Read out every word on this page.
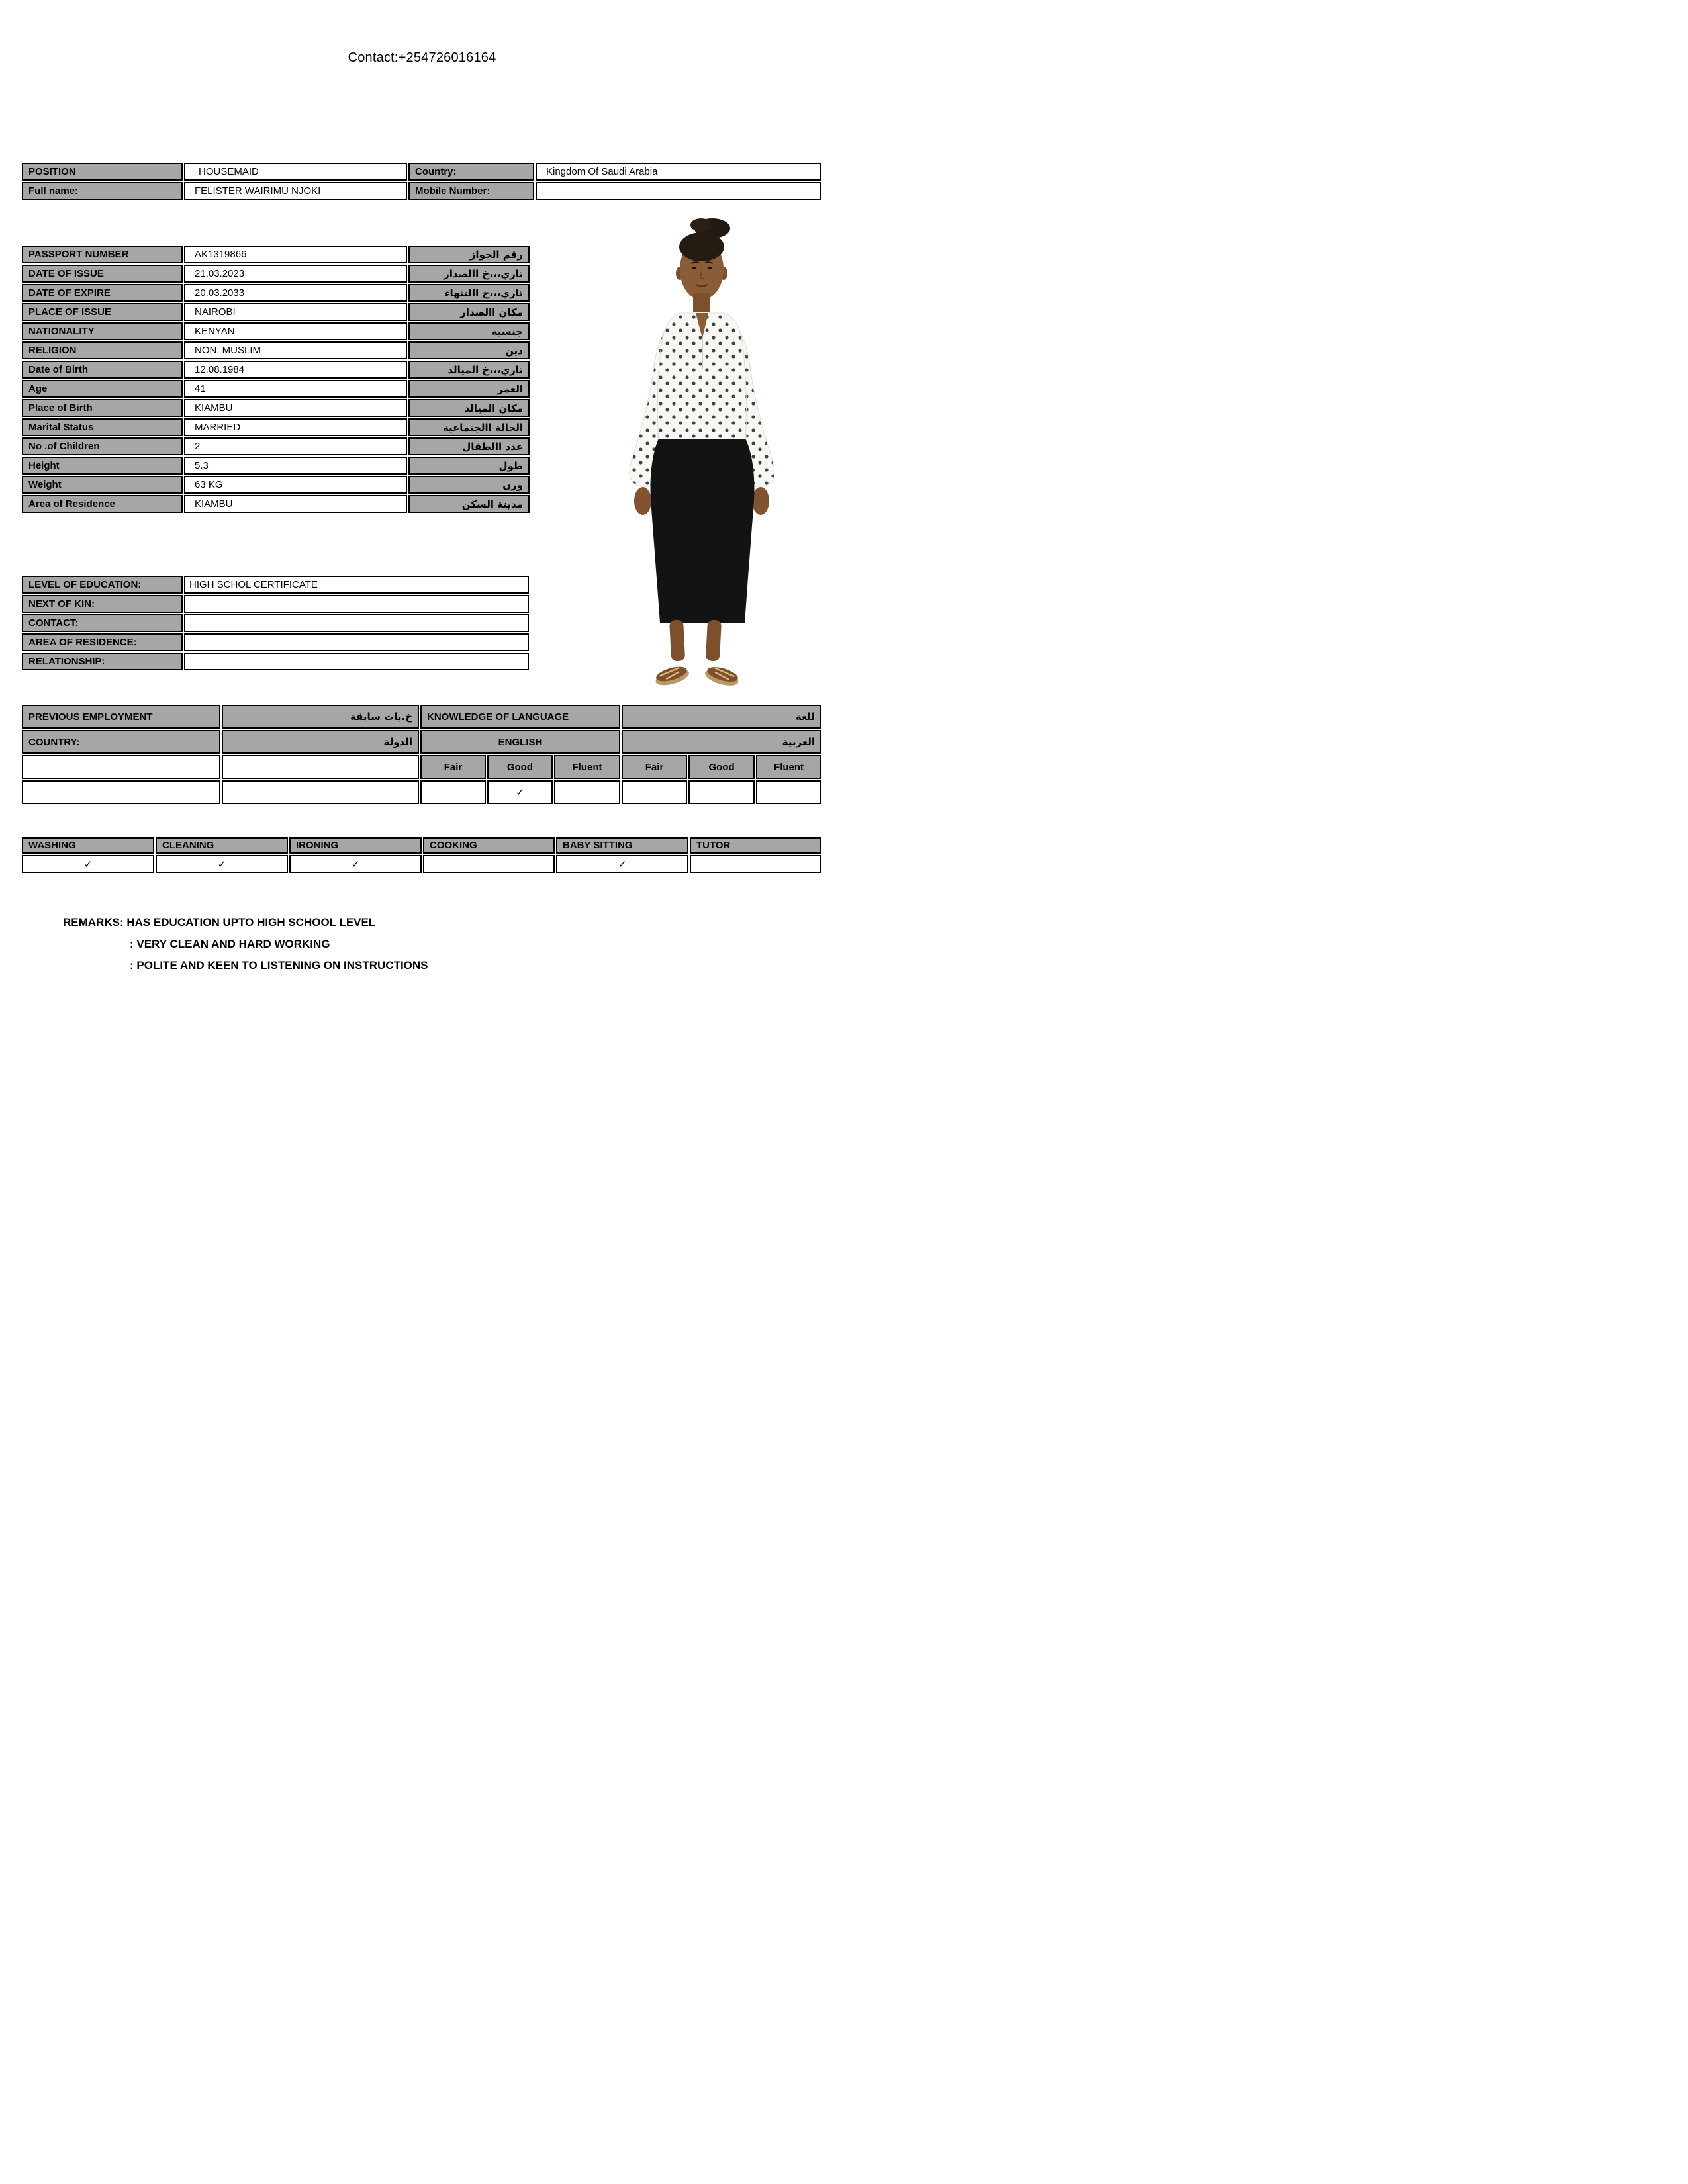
Contact:+254726016164
POSITION	HOUSEMAID	Country:	Kingdom Of Saudi Arabia
Full name:	FELISTER WAIRIMU NJOKI	Mobile Number:	
PASSPORT NUMBER	AK1319866	رقم الجواز
DATE OF ISSUE	21.03.2023	تاري،،،خ االصدار
DATE OF EXPIRE	20.03.2033	تاري،،،خ االنتهاء
PLACE OF ISSUE	NAIROBI	مكان االصدار
NATIONALITY	KENYAN	جنسيه
RELIGION	NON. MUSLIM	دين
Date of Birth	12.08.1984	تاري،،،خ الميالد
Age	41	العمر
Place of Birth	KIAMBU	مكان الميالد
Marital Status	MARRIED	الحالة االجتماعية
No .of Children	2	عدد االطفال
Height	5.3	طول
Weight	63 KG	وزن
Area of Residence	KIAMBU	مدينة السكن
LEVEL OF EDUCATION:	HIGH SCHOL CERTIFICATE
NEXT OF KIN:	
CONTACT:	
AREA OF RESIDENCE:	
RELATIONSHIP:	
PREVIOUS EMPLOYMENT	خ.بات سابقة	KNOWLEDGE OF LANGUAGE			للغة		
COUNTRY:	الدولة	ENGLISH			العربية		
		Fair	Good	Fluent	Fair	Good	Fluent
			✓				
WASHING	CLEANING	IRONING	COOKING	BABY SITTING	TUTOR
✓	✓	✓		✓	
REMARKS: HAS EDUCATION UPTO HIGH SCHOOL LEVEL
: VERY CLEAN AND HARD WORKING
: POLITE AND KEEN TO LISTENING ON INSTRUCTIONS
